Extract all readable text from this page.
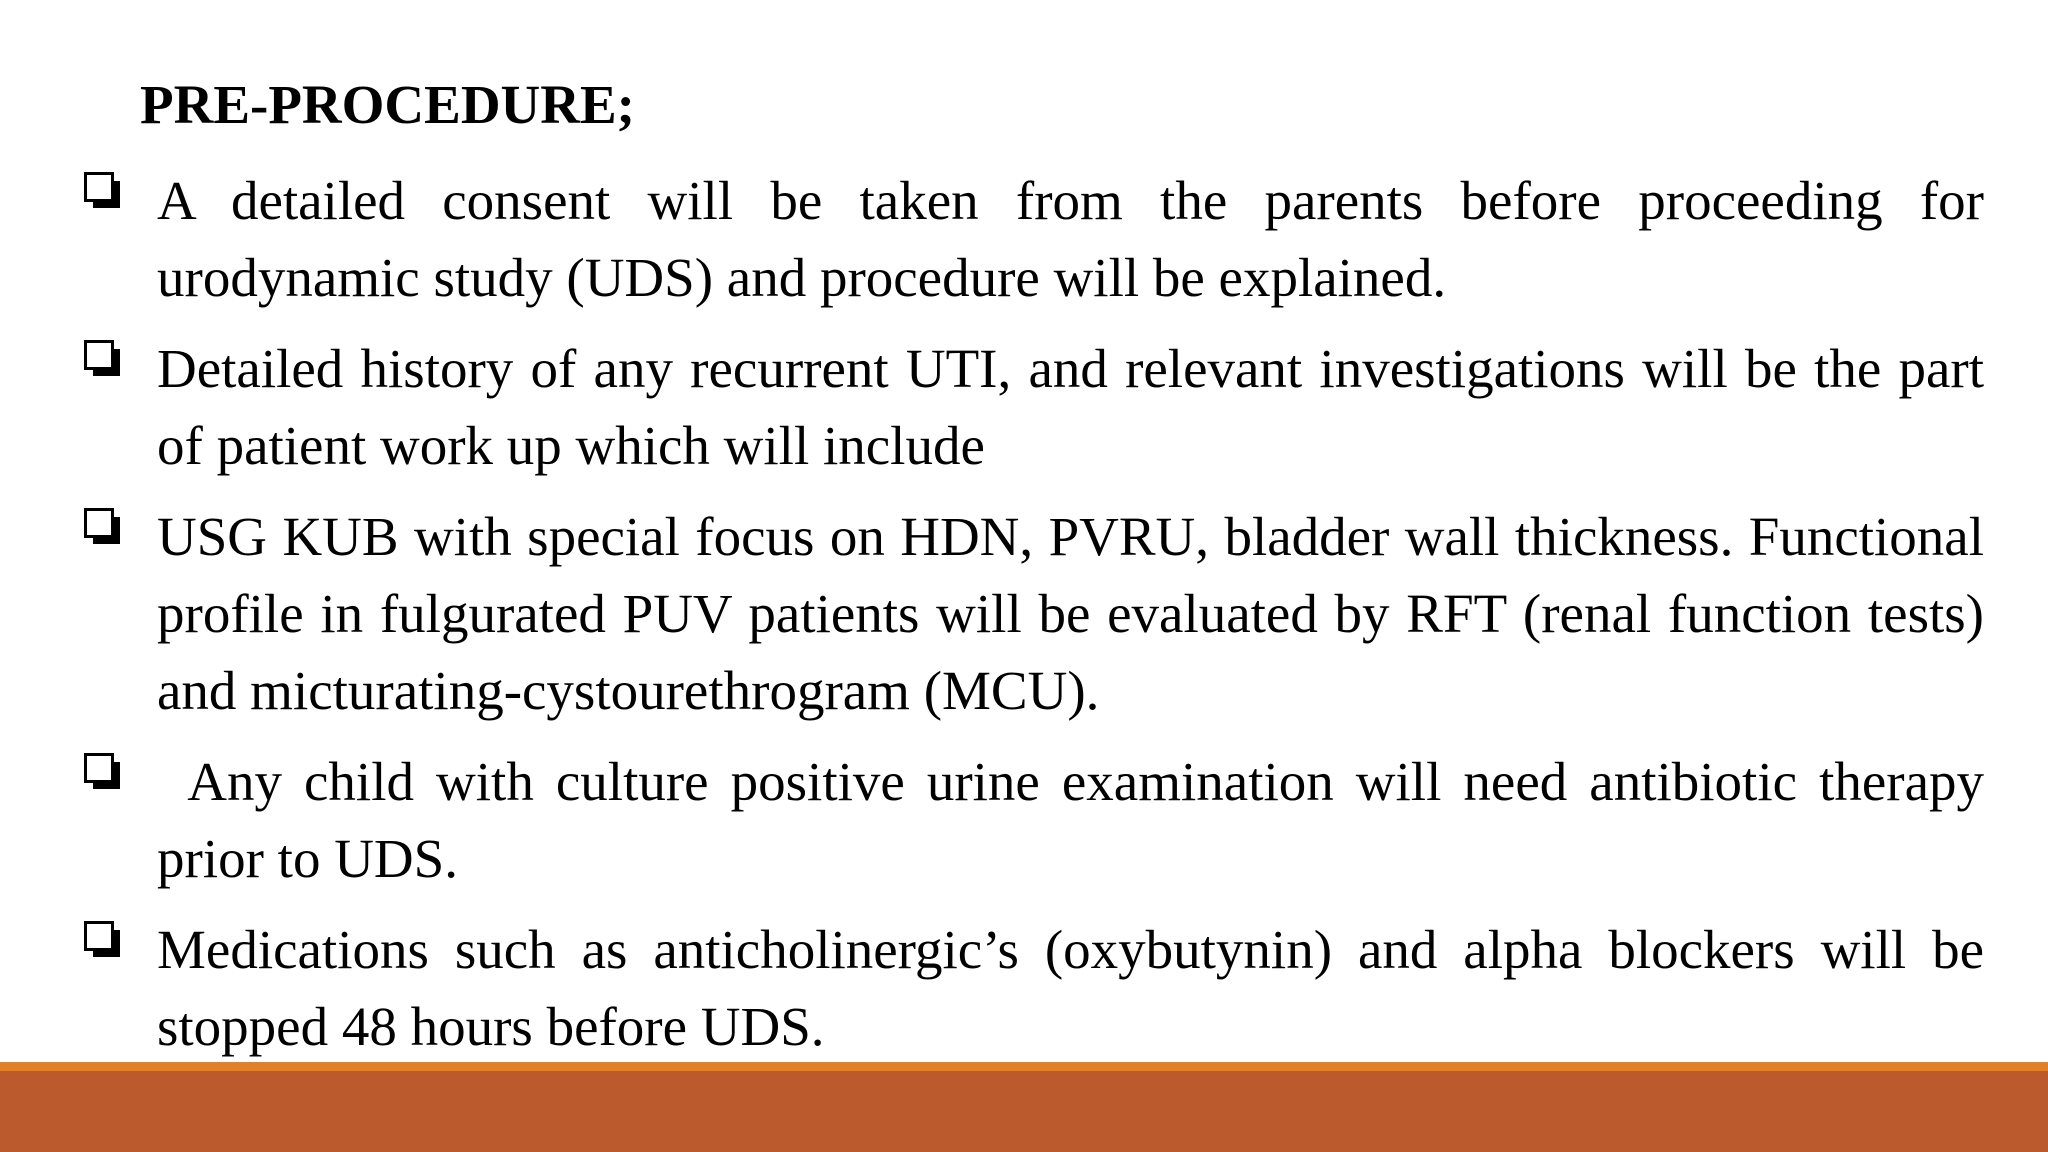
PRE-PROCEDURE;
A detailed consent will be taken from the parents before proceeding for urodynamic study (UDS) and procedure will be explained.
Detailed history of any recurrent UTI, and relevant investigations will be the part of patient work up which will include
USG KUB with special focus on HDN, PVRU, bladder wall thickness. Functional profile in fulgurated PUV patients will be evaluated by RFT (renal function tests) and micturating-cystourethrogram (MCU).
Any child with culture positive urine examination will need antibiotic therapy prior to UDS.
Medications such as anticholinergic’s (oxybutynin) and alpha blockers will be stopped 48 hours before UDS.
